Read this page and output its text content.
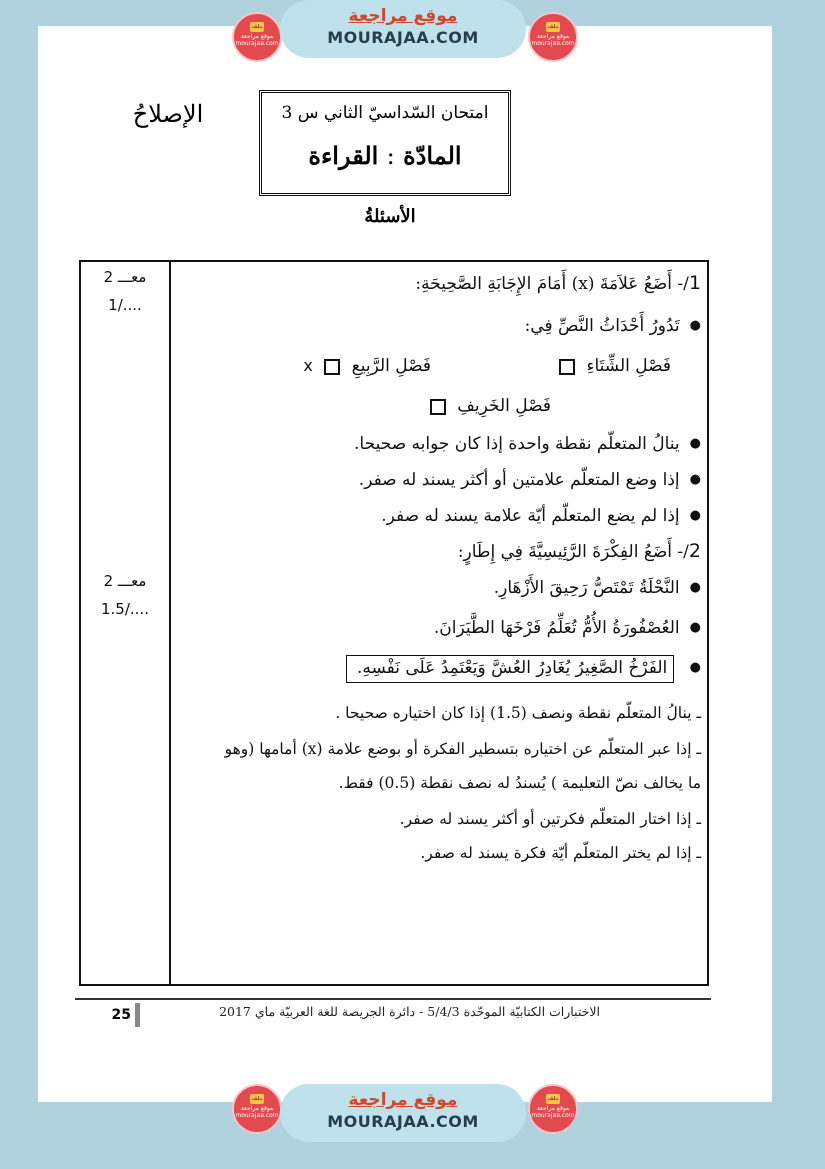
ملف
موقع مراجعة
mourajaa.com
موقع مراجعة
MOURAJAA.COM
ملف
موقع مراجعة
mourajaa.com
الإصلاحُ	امتحان السّداسيّ الثاني س 3
المادّة : القراءة
الأسئلةُ
معـــ 2
1/....
معـــ 2
1.5/....
1/- أَضَعُ عَلاَمَةَ (x) أَمَامَ الإِجَابَةِ الصَّحِيحَةِ:
● تَدُورُ أَحْدَاثُ النَّصِّ فِي:
فَصْلِ الشِّتَاءِ
فَصْلِ الرَّبِيعِ  x
فَصْلِ الخَرِيفِ
● ينالُ المتعلّم نقطة واحدة إذا كان جوابه صحيحا.
● إذا وضع المتعلّم علامتين أو أكثر يسند له صفر.
● إذا لم يضع المتعلّم أيّة علامة يسند له صفر.
2/- أَضَعُ الفِكْرَةَ الرَّئِيسِيَّةَ فِي إِطَارٍ:
● النَّحْلَةُ تَمْتَصُّ رَحِيقَ الأَزْهَارِ.
● العُصْفُورَةُ الأُمُّ تُعَلِّمُ فَرْخَهَا الطَّيَرَانَ.
● الفَرْخُ الصَّغِيرُ يُغَادِرُ العُشَّ وَيَعْتَمِدُ عَلَى نَفْسِهِ.
ـ ينالُ المتعلّم نقطة ونصف (1.5) إذا كان اختياره صحيحا .
ـ إذا عبر المتعلّم عن اختياره بتسطير الفكرة أو بوضع علامة (x) أمامها (وهو
ما يخالف نصّ التعليمة ) يُسندُ له نصف نقطة (0.5) فقط.
ـ إذا اختار المتعلّم فكرتين أو أكثر يسند له صفر.
ـ إذا لم يختر المتعلّم أيّة فكرة يسند له صفر.
25	الاختبارات الكتابيّة الموحّدة 5/4/3 - دائرة الجريصة للغة العربيّة ماي 2017
ملف
موقع مراجعة
mourajaa.com
موقع مراجعة
MOURAJAA.COM
ملف
موقع مراجعة
mourajaa.com
